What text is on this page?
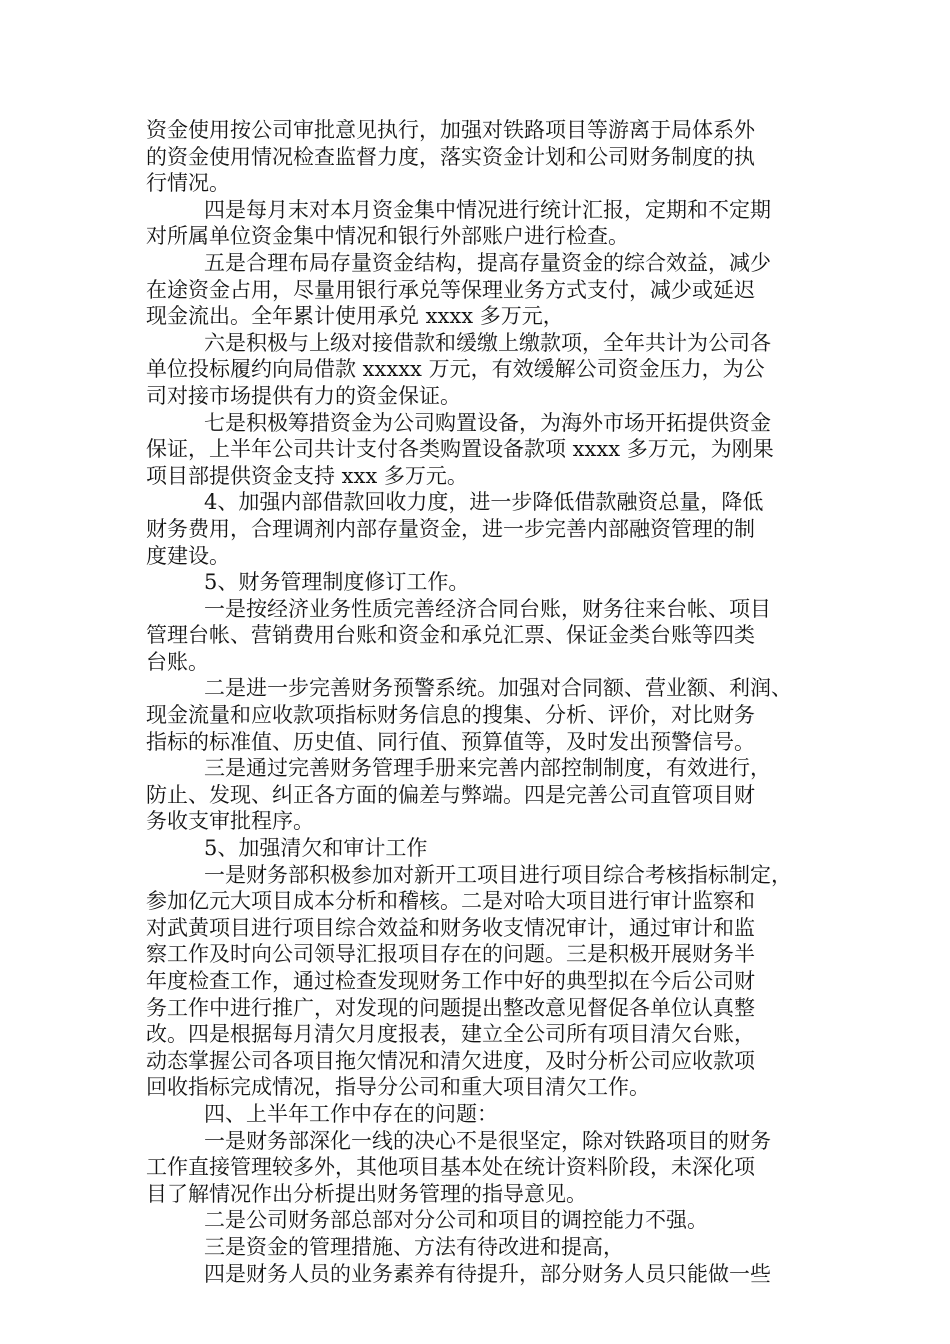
资金使用按公司审批意见执行，加强对铁路项目等游离于局体系外
的资金使用情况检查监督力度，落实资金计划和公司财务制度的执
行情况。
四是每月末对本月资金集中情况进行统计汇报，定期和不定期
对所属单位资金集中情况和银行外部账户进行检查。
五是合理布局存量资金结构，提高存量资金的综合效益，减少
在途资金占用，尽量用银行承兑等保理业务方式支付，减少或延迟
现金流出。全年累计使用承兑 xxxx 多万元，
六是积极与上级对接借款和缓缴上缴款项，全年共计为公司各
单位投标履约向局借款 xxxxx 万元，有效缓解公司资金压力，为公
司对接市场提供有力的资金保证。
七是积极筹措资金为公司购置设备，为海外市场开拓提供资金
保证，上半年公司共计支付各类购置设备款项 xxxx 多万元，为刚果
项目部提供资金支持 xxx 多万元。
4、加强内部借款回收力度，进一步降低借款融资总量，降低
财务费用，合理调剂内部存量资金，进一步完善内部融资管理的制
度建设。
5、财务管理制度修订工作。
一是按经济业务性质完善经济合同台账，财务往来台帐、项目
管理台帐、营销费用台账和资金和承兑汇票、保证金类台账等四类
台账。
二是进一步完善财务预警系统。加强对合同额、营业额、利润、
现金流量和应收款项指标财务信息的搜集、分析、评价，对比财务
指标的标准值、历史值、同行值、预算值等，及时发出预警信号。
三是通过完善财务管理手册来完善内部控制制度，有效进行，
防止、发现、纠正各方面的偏差与弊端。四是完善公司直管项目财
务收支审批程序。
5、加强清欠和审计工作
一是财务部积极参加对新开工项目进行项目综合考核指标制定，
参加亿元大项目成本分析和稽核。二是对哈大项目进行审计监察和
对武黄项目进行项目综合效益和财务收支情况审计，通过审计和监
察工作及时向公司领导汇报项目存在的问题。三是积极开展财务半
年度检查工作，通过检查发现财务工作中好的典型拟在今后公司财
务工作中进行推广，对发现的问题提出整改意见督促各单位认真整
改。四是根据每月清欠月度报表，建立全公司所有项目清欠台账，
动态掌握公司各项目拖欠情况和清欠进度，及时分析公司应收款项
回收指标完成情况，指导分公司和重大项目清欠工作。
四、上半年工作中存在的问题：
一是财务部深化一线的决心不是很坚定，除对铁路项目的财务
工作直接管理较多外，其他项目基本处在统计资料阶段，未深化项
目了解情况作出分析提出财务管理的指导意见。
二是公司财务部总部对分公司和项目的调控能力不强。
三是资金的管理措施、方法有待改进和提高，
四是财务人员的业务素养有待提升，部分财务人员只能做一些
